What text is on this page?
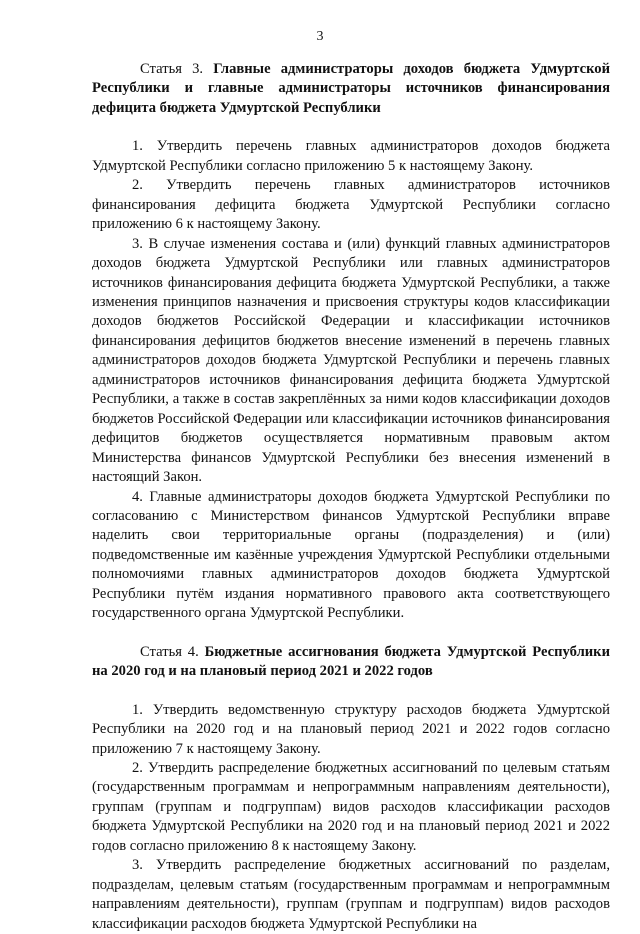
3

Статья 3. Главные администраторы доходов бюджета Удмуртской Республики и главные администраторы источников финансирования дефицита бюджета Удмуртской Республики

1. Утвердить перечень главных администраторов доходов бюджета Удмуртской Республики согласно приложению 5 к настоящему Закону.

2. Утвердить перечень главных администраторов источников финансирования дефицита бюджета Удмуртской Республики согласно приложению 6 к настоящему Закону.

3. В случае изменения состава и (или) функций главных администраторов доходов бюджета Удмуртской Республики или главных администраторов источников финансирования дефицита бюджета Удмуртской Республики, а также изменения принципов назначения и присвоения структуры кодов классификации доходов бюджетов Российской Федерации и классификации источников финансирования дефицитов бюджетов внесение изменений в перечень главных администраторов доходов бюджета Удмуртской Республики и перечень главных администраторов источников финансирования дефицита бюджета Удмуртской Республики, а также в состав закреплённых за ними кодов классификации доходов бюджетов Российской Федерации или классификации источников финансирования дефицитов бюджетов осуществляется нормативным правовым актом Министерства финансов Удмуртской Республики без внесения изменений в настоящий Закон.

4. Главные администраторы доходов бюджета Удмуртской Республики по согласованию с Министерством финансов Удмуртской Республики вправе наделить свои территориальные органы (подразделения) и (или) подведомственные им казённые учреждения Удмуртской Республики отдельными полномочиями главных администраторов доходов бюджета Удмуртской Республики путём издания нормативного правового акта соответствующего государственного органа Удмуртской Республики.

Статья 4. Бюджетные ассигнования бюджета Удмуртской Республики на 2020 год и на плановый период 2021 и 2022 годов

1. Утвердить ведомственную структуру расходов бюджета Удмуртской Республики на 2020 год и на плановый период 2021 и 2022 годов согласно приложению 7 к настоящему Закону.

2. Утвердить распределение бюджетных ассигнований по целевым статьям (государственным программам и непрограммным направлениям деятельности), группам (группам и подгруппам) видов расходов классификации расходов бюджета Удмуртской Республики на 2020 год и на плановый период 2021 и 2022 годов согласно приложению 8 к настоящему Закону.

3. Утвердить распределение бюджетных ассигнований по разделам, подразделам, целевым статьям (государственным программам и непрограммным направлениям деятельности), группам (группам и подгруппам) видов расходов классификации расходов бюджета Удмуртской Республики на
